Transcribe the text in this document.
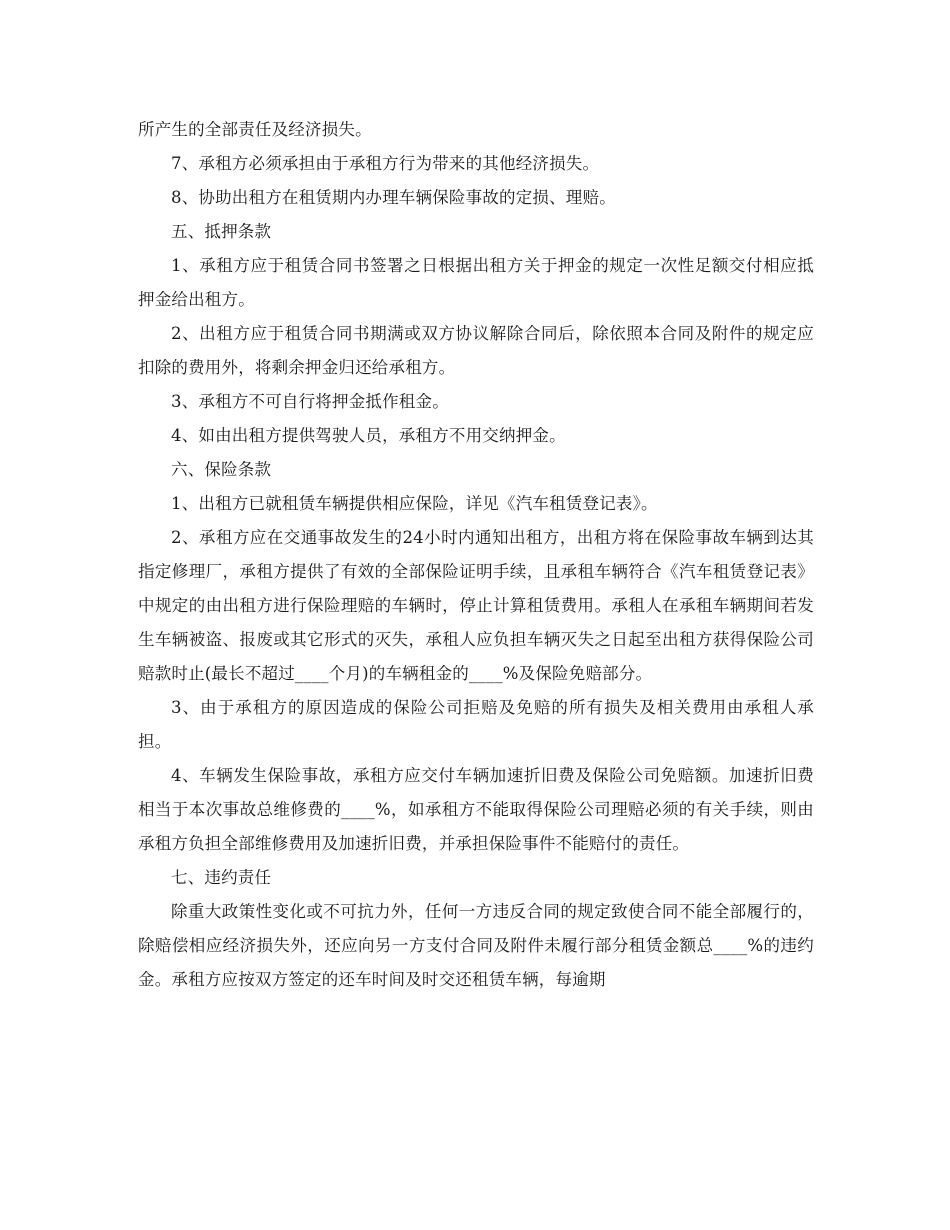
所产生的全部责任及经济损失。

7、承租方必须承担由于承租方行为带来的其他经济损失。

8、协助出租方在租赁期内办理车辆保险事故的定损、理赔。

五、抵押条款

1、承租方应于租赁合同书签署之日根据出租方关于押金的规定一次性足额交付相应抵押金给出租方。

2、出租方应于租赁合同书期满或双方协议解除合同后，除依照本合同及附件的规定应扣除的费用外，将剩余押金归还给承租方。

3、承租方不可自行将押金抵作租金。

4、如由出租方提供驾驶人员，承租方不用交纳押金。

六、保险条款

1、出租方已就租赁车辆提供相应保险，详见《汽车租赁登记表》。

2、承租方应在交通事故发生的24小时内通知出租方，出租方将在保险事故车辆到达其指定修理厂，承租方提供了有效的全部保险证明手续，且承租车辆符合《汽车租赁登记表》中规定的由出租方进行保险理赔的车辆时，停止计算租赁费用。承租人在承租车辆期间若发生车辆被盗、报废或其它形式的灭失，承租人应负担车辆灭失之日起至出租方获得保险公司赔款时止(最长不超过____个月)的车辆租金的____%及保险免赔部分。

3、由于承租方的原因造成的保险公司拒赔及免赔的所有损失及相关费用由承租人承担。

4、车辆发生保险事故，承租方应交付车辆加速折旧费及保险公司免赔额。加速折旧费相当于本次事故总维修费的____%，如承租方不能取得保险公司理赔必须的有关手续，则由承租方负担全部维修费用及加速折旧费，并承担保险事件不能赔付的责任。

七、违约责任

除重大政策性变化或不可抗力外，任何一方违反合同的规定致使合同不能全部履行的，除赔偿相应经济损失外，还应向另一方支付合同及附件未履行部分租赁金额总____%的违约金。承租方应按双方签定的还车时间及时交还租赁车辆，每逾期
